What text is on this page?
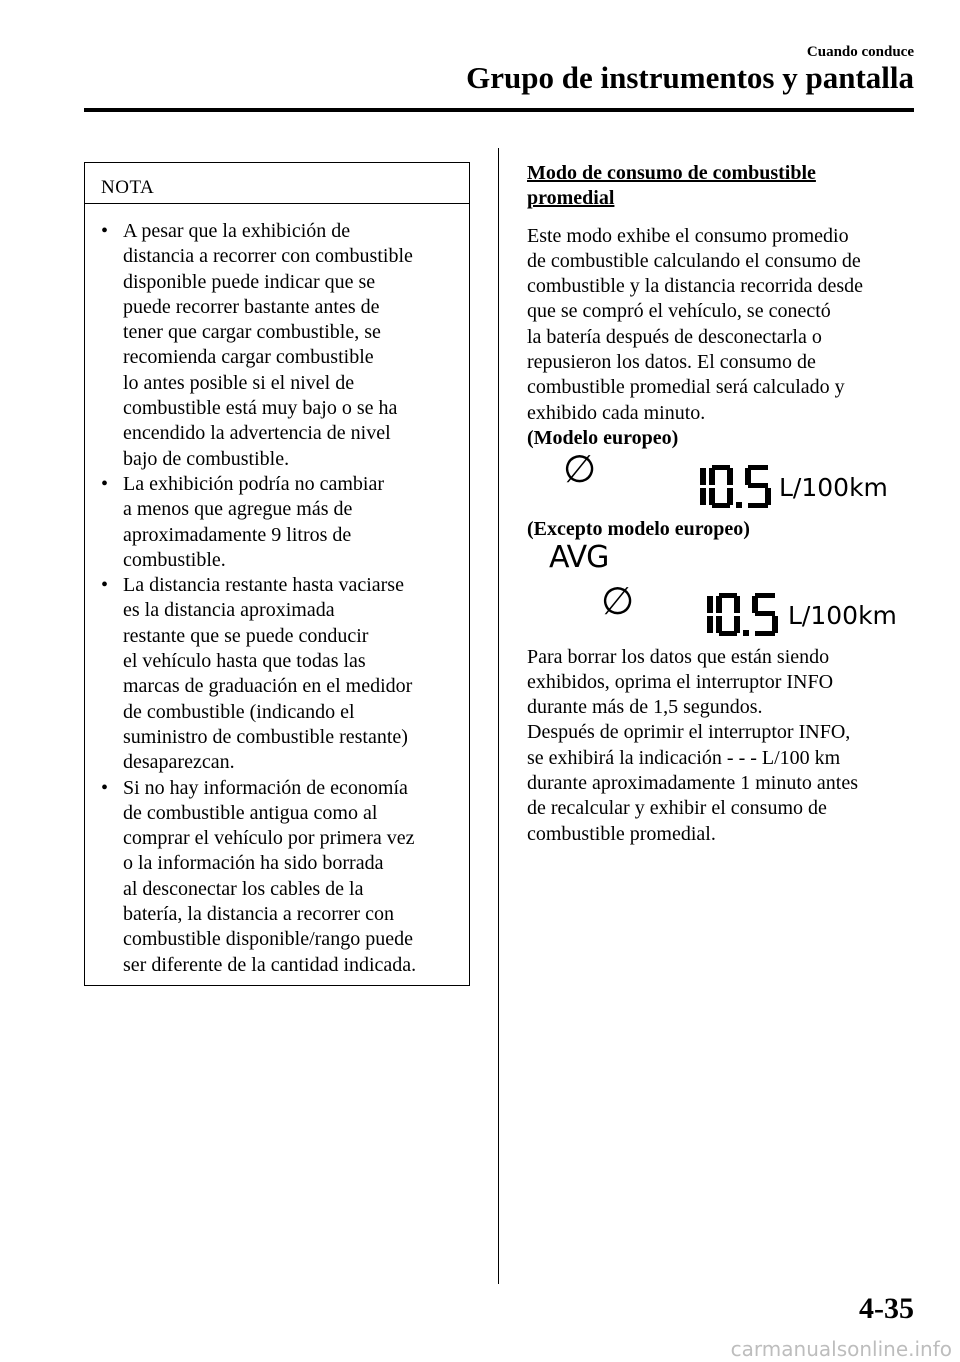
Cuando conduce
Grupo de instrumentos y pantalla
NOTA
• A pesar que la exhibición de
distancia a recorrer con combustible
disponible puede indicar que se
puede recorrer bastante antes de
tener que cargar combustible, se
recomienda cargar combustible
lo antes posible si el nivel de
combustible está muy bajo o se ha
encendido la advertencia de nivel
bajo de combustible.
• La exhibición podría no cambiar
a menos que agregue más de
aproximadamente 9 litros de
combustible.
• La distancia restante hasta vaciarse
es la distancia aproximada
restante que se puede conducir
el vehículo hasta que todas las
marcas de graduación en el medidor
de combustible (indicando el
suministro de combustible restante)
desaparezcan.
• Si no hay información de economía
de combustible antigua como al
comprar el vehículo por primera vez
o la información ha sido borrada
al desconectar los cables de la
batería, la distancia a recorrer con
combustible disponible/rango puede
ser diferente de la cantidad indicada.
Modo de consumo de combustible
promedial
Este modo exhibe el consumo promedio
de combustible calculando el consumo de
combustible y la distancia recorrida desde
que se compró el vehículo, se conectó
la batería después de desconectarla o
repusieron los datos. El consumo de
combustible promedial será calculado y
exhibido cada minuto.
(Modelo europeo)
∅	L/100km
(Excepto modelo europeo)
AVG
∅	L/100km
Para borrar los datos que están siendo
exhibidos, oprima el interruptor INFO
durante más de 1,5 segundos.
Después de oprimir el interruptor INFO,
se exhibirá la indicación - - - L/100 km
durante aproximadamente 1 minuto antes
de recalcular y exhibir el consumo de
combustible promedial.
4-35
carmanualsonline.info
